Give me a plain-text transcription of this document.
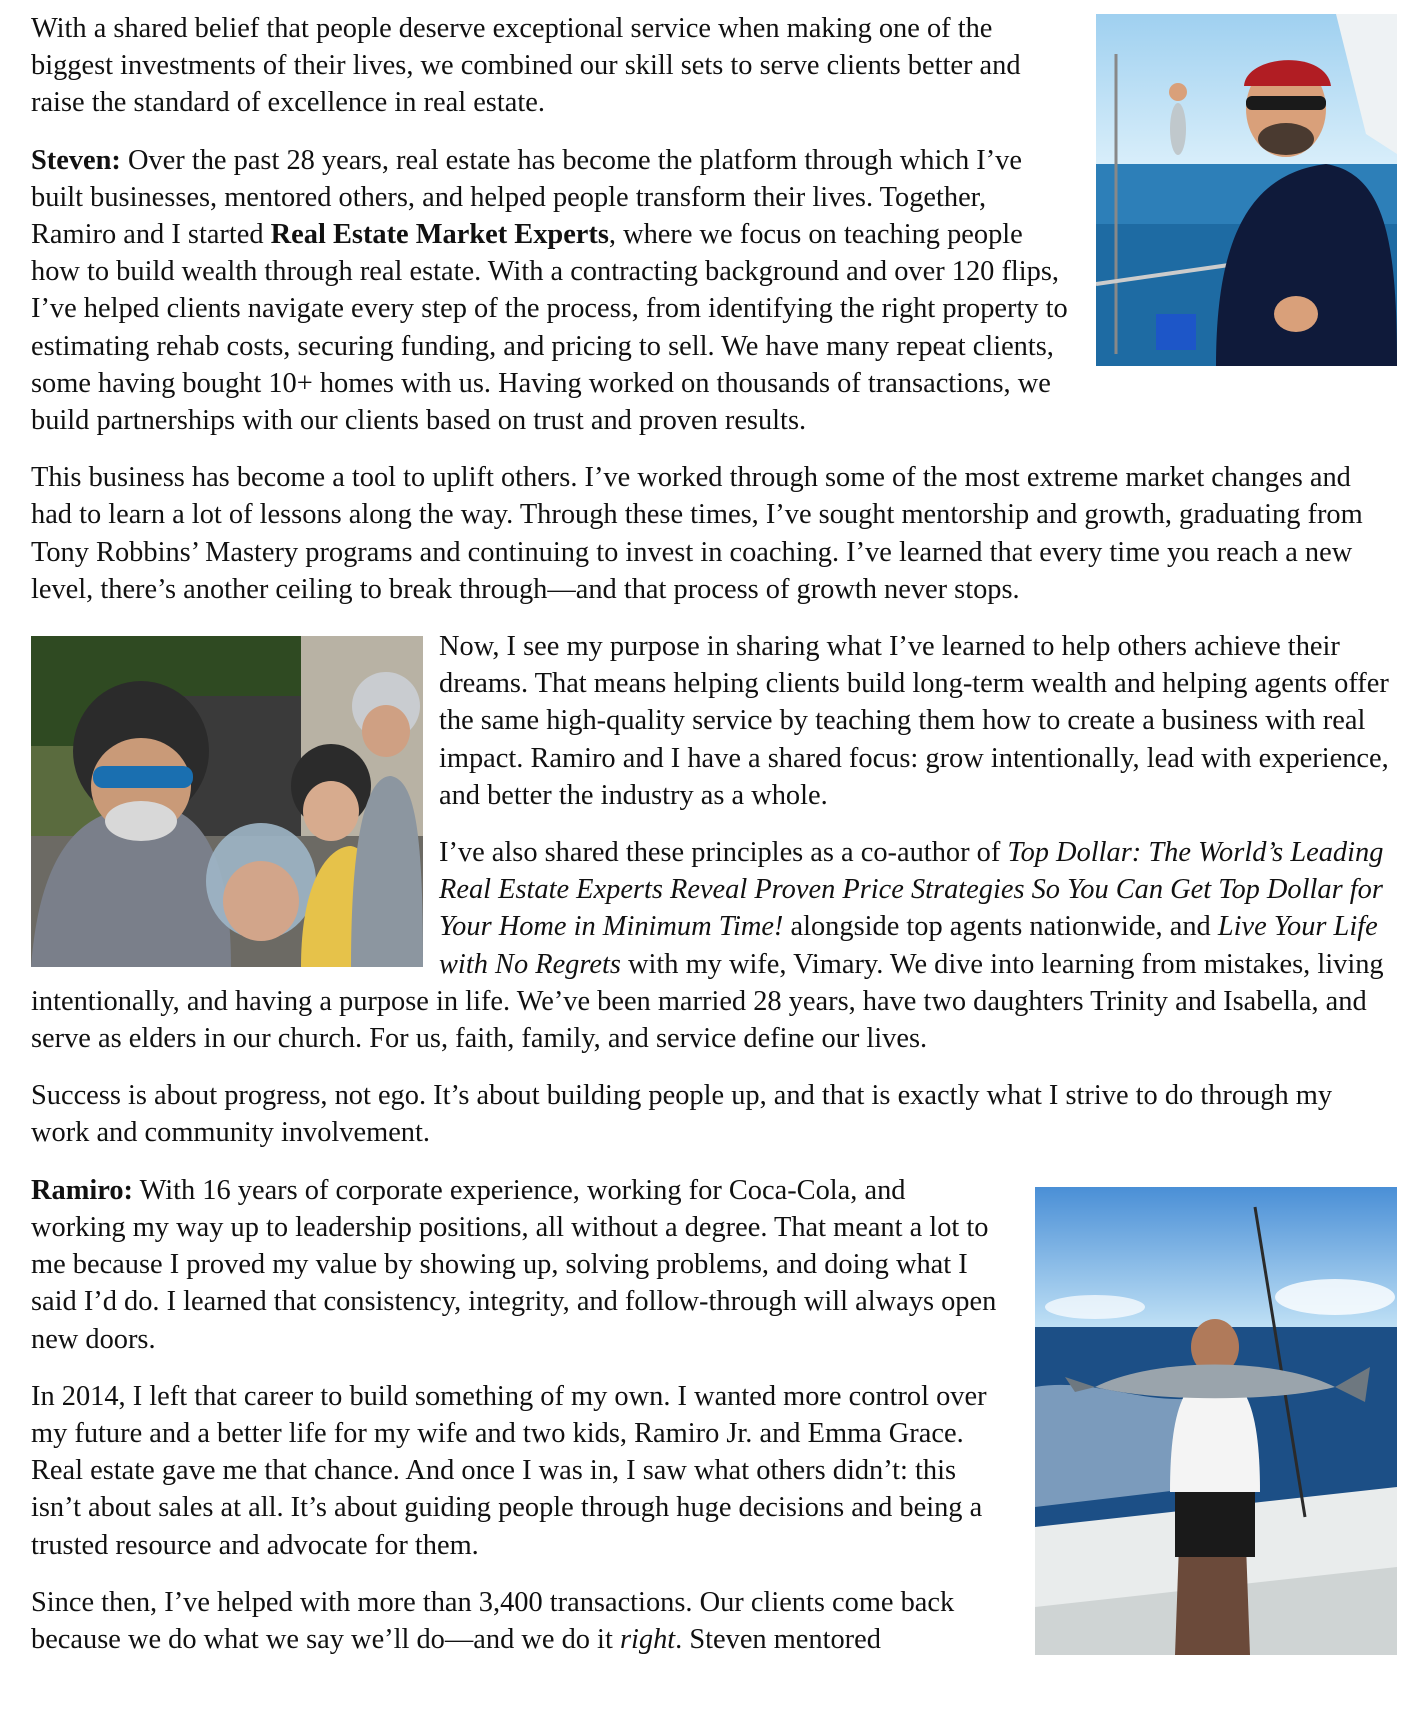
With a shared belief that people deserve exceptional service when making one of the biggest investments of their lives, we combined our skill sets to serve clients better and raise the standard of excellence in real estate.

Steven: Over the past 28 years, real estate has become the platform through which I’ve built businesses, mentored others, and helped people transform their lives. Together, Ramiro and I started Real Estate Market Experts, where we focus on teaching people how to build wealth through real estate. With a contracting background and over 120 flips, I’ve helped clients navigate every step of the process, from identifying the right property to estimating rehab costs, securing funding, and pricing to sell. We have many repeat clients, some having bought 10+ homes with us. Having worked on thousands of transactions, we build partnerships with our clients based on trust and proven results.

This business has become a tool to uplift others. I’ve worked through some of the most extreme market changes and had to learn a lot of lessons along the way. Through these times, I’ve sought mentorship and growth, graduating from Tony Robbins’ Mastery programs and continuing to invest in coaching. I’ve learned that every time you reach a new level, there’s another ceiling to break through—and that process of growth never stops.

Now, I see my purpose in sharing what I’ve learned to help others achieve their dreams. That means helping clients build long-term wealth and helping agents offer the same high-quality service by teaching them how to create a business with real impact. Ramiro and I have a shared focus: grow intentionally, lead with experience, and better the industry as a whole.

I’ve also shared these principles as a co-author of Top Dollar: The World’s Leading Real Estate Experts Reveal Proven Price Strategies So You Can Get Top Dollar for Your Home in Minimum Time! alongside top agents nationwide, and Live Your Life with No Regrets with my wife, Vimary. We dive into learning from mistakes, living intentionally, and having a purpose in life. We’ve been married 28 years, have two daughters Trinity and Isabella, and serve as elders in our church. For us, faith, family, and service define our lives.

Success is about progress, not ego. It’s about building people up, and that is exactly what I strive to do through my work and community involvement.

Ramiro: With 16 years of corporate experience, working for Coca-Cola, and working my way up to leadership positions, all without a degree. That meant a lot to me because I proved my value by showing up, solving problems, and doing what I said I’d do. I learned that consistency, integrity, and follow-through will always open new doors.

In 2014, I left that career to build something of my own. I wanted more control over my future and a better life for my wife and two kids, Ramiro Jr. and Emma Grace. Real estate gave me that chance. And once I was in, I saw what others didn’t: this isn’t about sales at all. It’s about guiding people through huge decisions and being a trusted resource and advocate for them.

Since then, I’ve helped with more than 3,400 transactions. Our clients come back because we do what we say we’ll do—and we do it right. Steven mentored
